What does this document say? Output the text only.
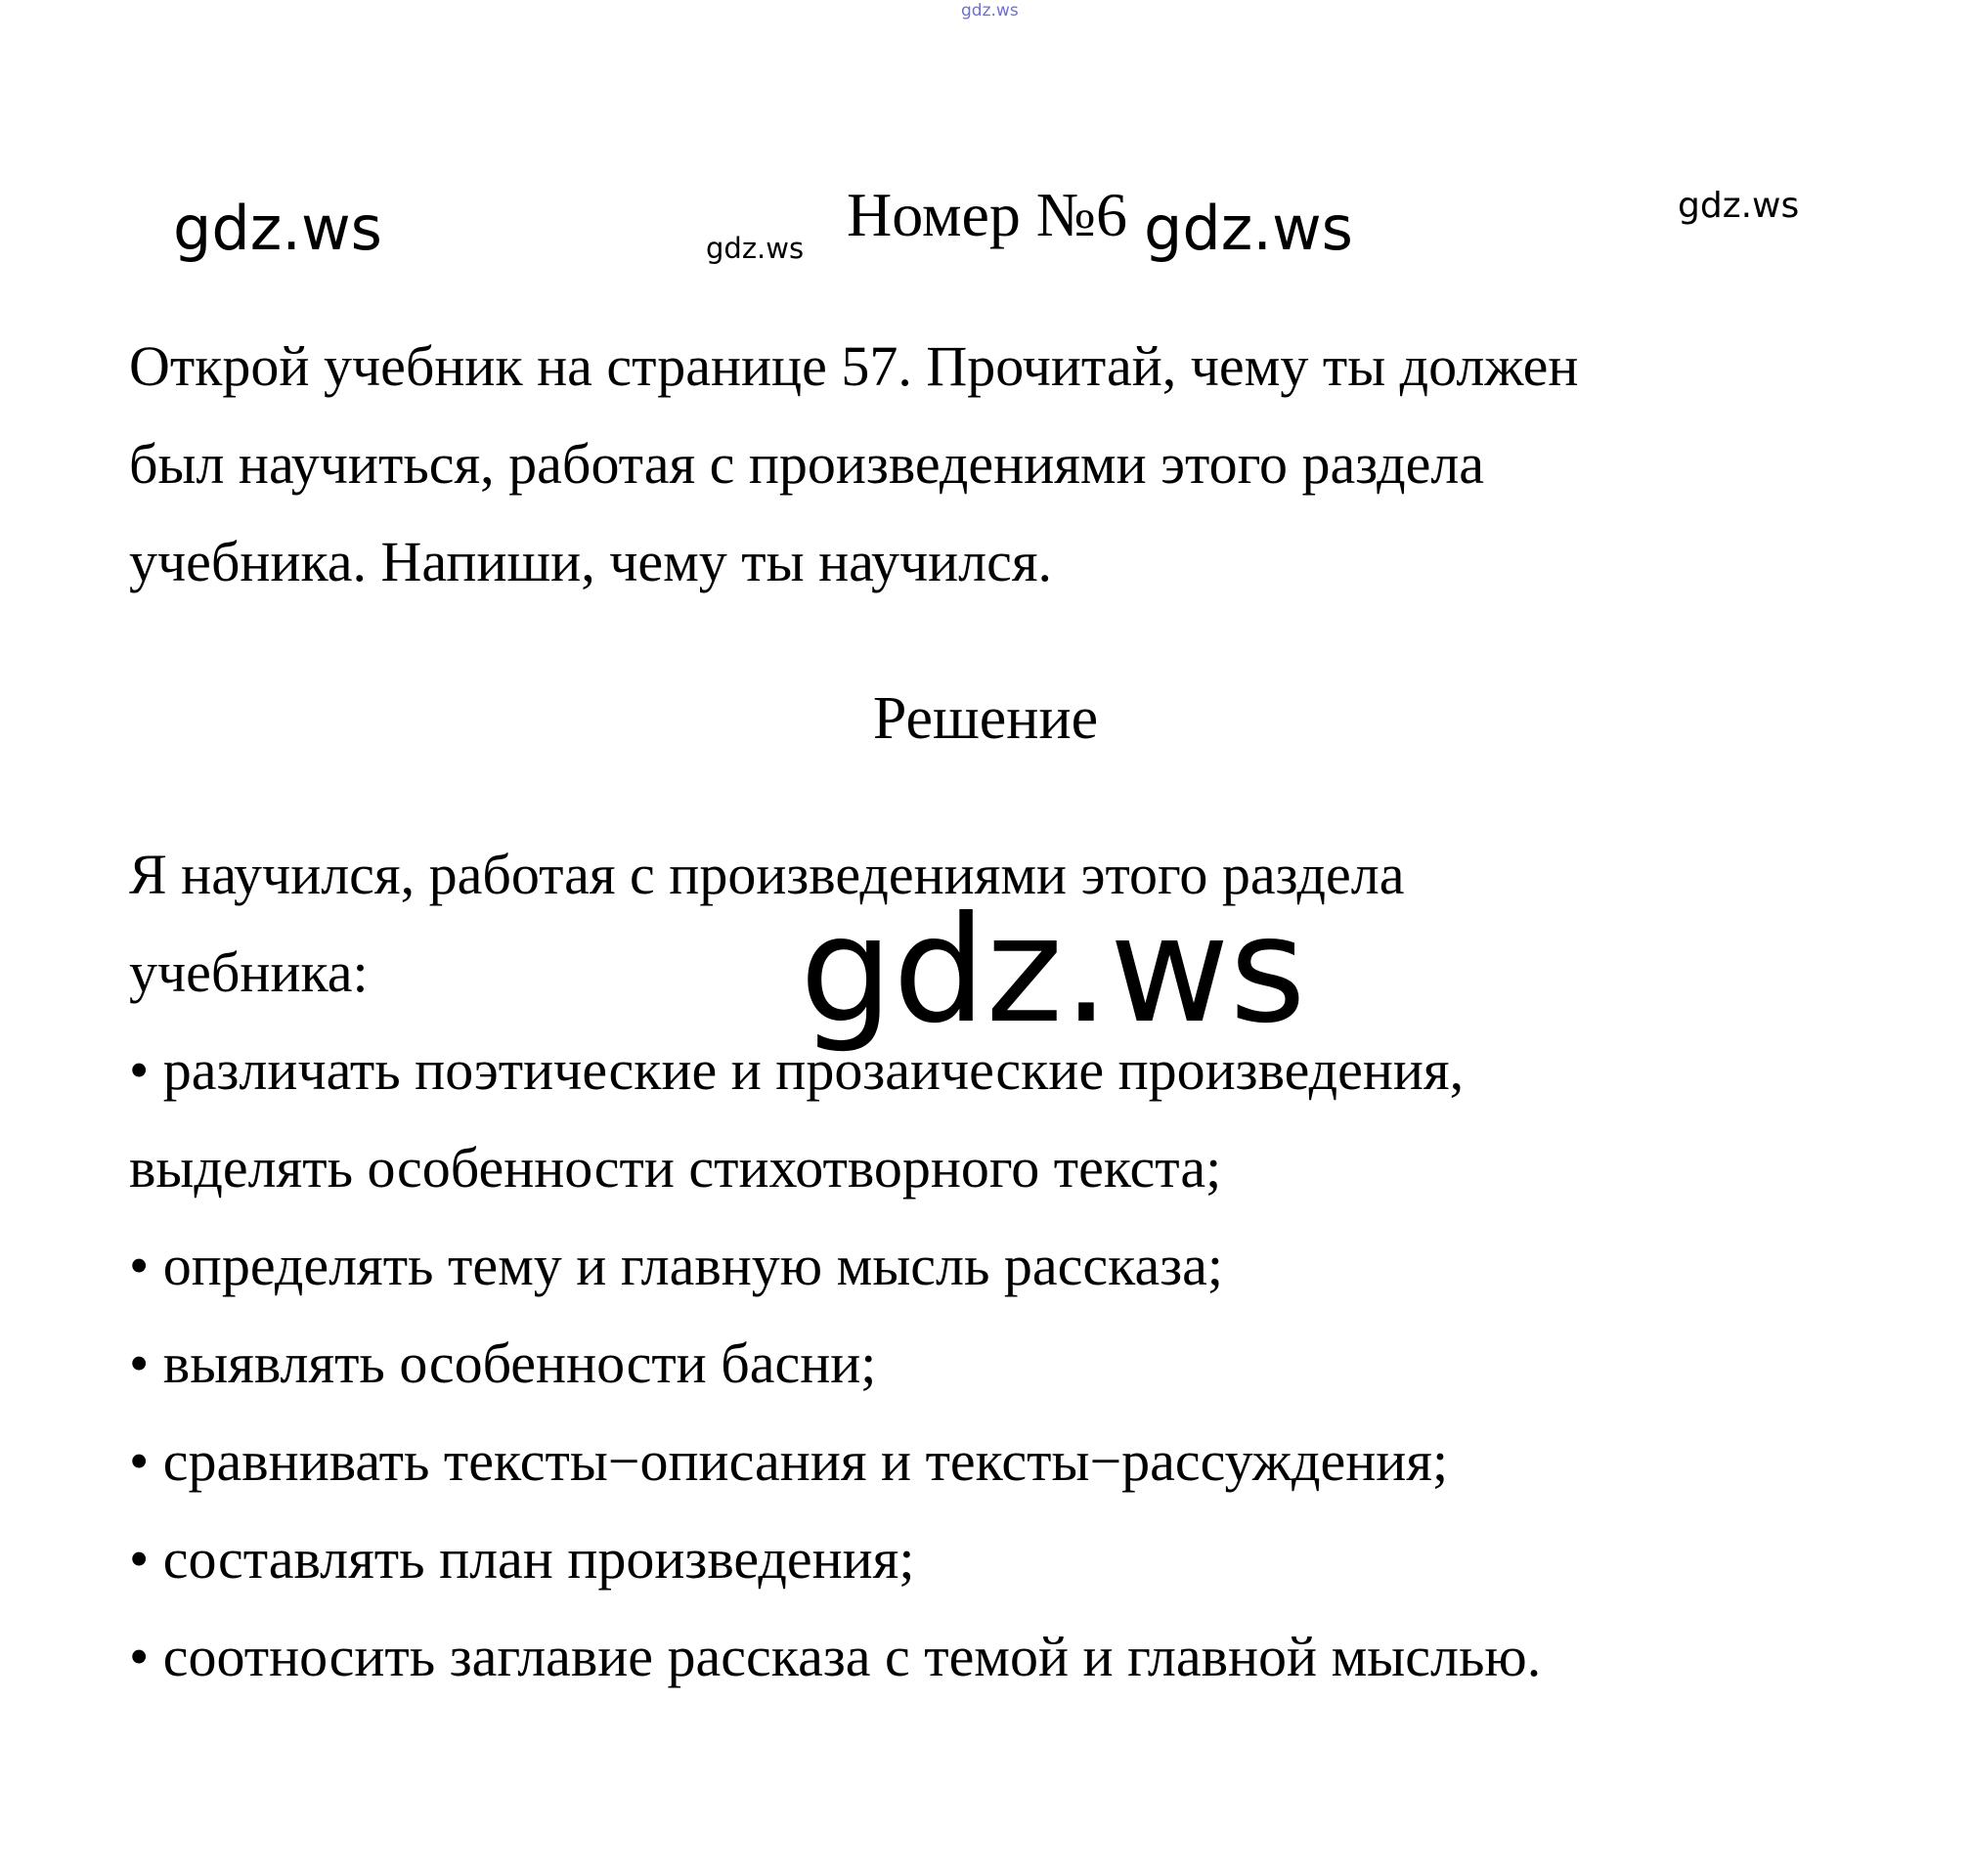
gdz.ws
gdz.ws	gdz.ws Номер №6 gdz.ws	gdz.ws
Открой учебник на странице 57. Прочитай, чему ты должен
был научиться, работая с произведениями этого раздела
учебника. Напиши, чему ты научился.
Решение
Я научился, работая с произведениями этого раздела
учебника:
• различать поэтические и прозаические произведения,
выделять особенности стихотворного текста;
• определять тему и главную мысль рассказа;
• выявлять особенности басни;
• сравнивать тексты−описания и тексты−рассуждения;
• составлять план произведения;
• соотносить заглавие рассказа с темой и главной мыслью.
gdz.ws
